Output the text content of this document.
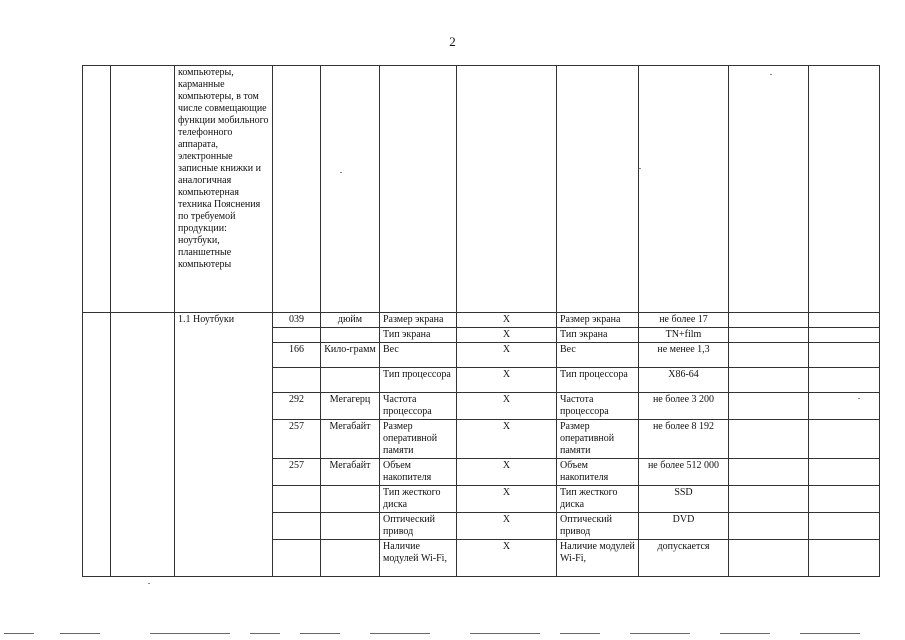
2
		компьютеры, карманные компьютеры, в том числе совмещающие функции мобильного телефонного аппарата, электронные записные книжки и аналогичная компьютерная техника Пояснения по требуемой продукции: ноутбуки, планшетные компьютеры								
		1.1 Ноутбуки	039	дюйм	Размер экрана	X	Размер экрана	не более 17		
					Тип экрана	X	Тип экрана	TN+film		
			166	Кило-грамм	Вес	X	Вес	не менее 1,3		
					Тип процессора	X	Тип процессора	X86-64		
			292	Мегагерц	Частота процессора	X	Частота процессора	не более 3 200		
			257	Мегабайт	Размер оперативной памяти	X	Размер оперативной памяти	не более 8 192		
			257	Мегабайт	Объем накопителя	X	Объем накопителя	не более 512 000		
					Тип жесткого диска	X	Тип жесткого диска	SSD		
					Оптический привод	X	Оптический привод	DVD		
					Наличие модулей Wi-Fi,	X	Наличие модулей Wi-Fi,	допускается		
